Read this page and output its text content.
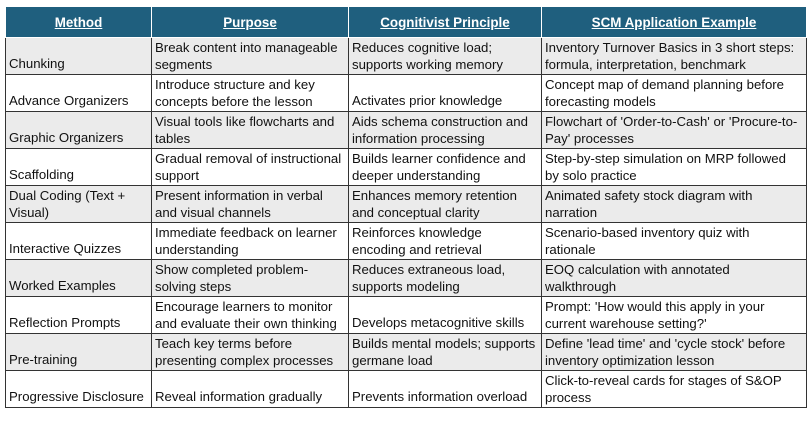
Method	Purpose	Cognitivist Principle	SCM Application Example
Chunking	Break content into manageable segments	Reduces cognitive load; supports working memory	Inventory Turnover Basics in 3 short steps: formula, interpretation, benchmark
Advance Organizers	Introduce structure and key concepts before the lesson	Activates prior knowledge	Concept map of demand planning before forecasting models
Graphic Organizers	Visual tools like flowcharts and tables	Aids schema construction and information processing	Flowchart of 'Order-to-Cash' or 'Procure-to-Pay' processes
Scaffolding	Gradual removal of instructional support	Builds learner confidence and deeper understanding	Step-by-step simulation on MRP followed by solo practice
Dual Coding (Text + Visual)	Present information in verbal and visual channels	Enhances memory retention and conceptual clarity	Animated safety stock diagram with narration
Interactive Quizzes	Immediate feedback on learner understanding	Reinforces knowledge encoding and retrieval	Scenario-based inventory quiz with rationale
Worked Examples	Show completed problem-solving steps	Reduces extraneous load, supports modeling	EOQ calculation with annotated walkthrough
Reflection Prompts	Encourage learners to monitor and evaluate their own thinking	Develops metacognitive skills	Prompt: 'How would this apply in your current warehouse setting?'
Pre-training	Teach key terms before presenting complex processes	Builds mental models; supports germane load	Define 'lead time' and 'cycle stock' before inventory optimization lesson
Progressive Disclosure	Reveal information gradually	Prevents information overload	Click-to-reveal cards for stages of S&OP process
